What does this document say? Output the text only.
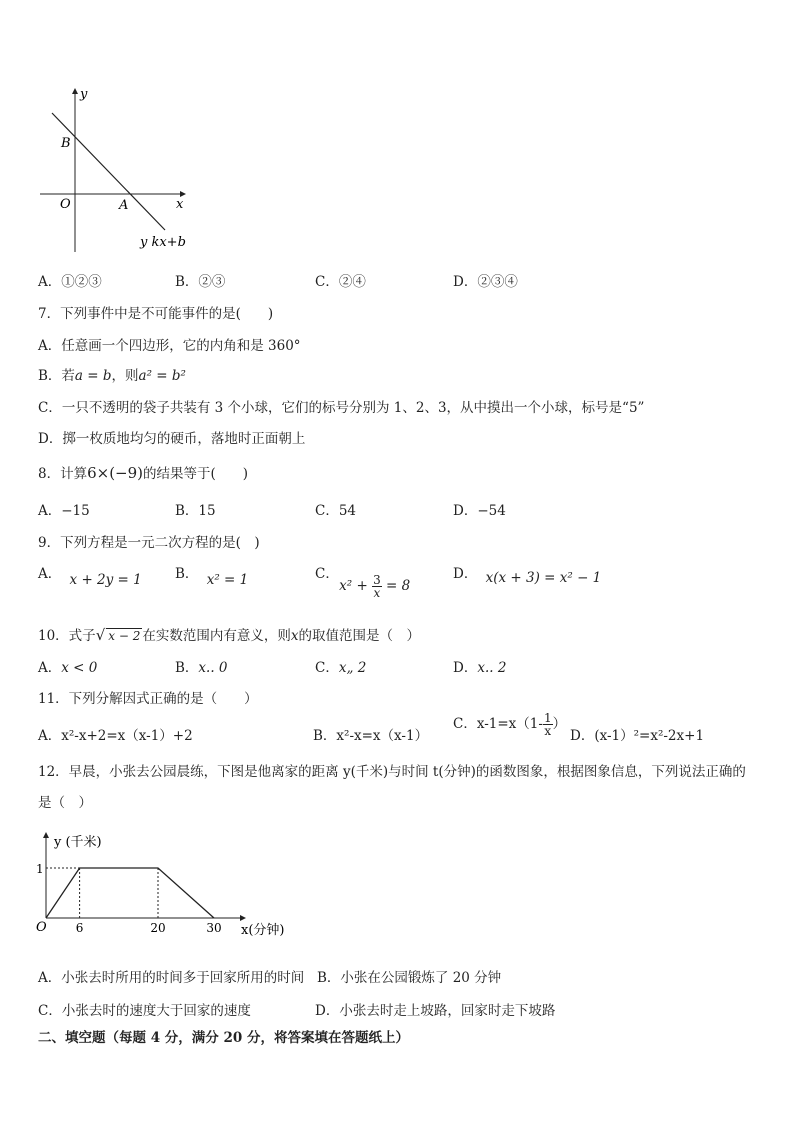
y
x
O	A
B
y kx+b
A．①②③	B．②③	C．②④	D．②③④
7．下列事件中是不可能事件的是(　　)
A．任意画一个四边形，它的内角和是 360°
B．若a = b，则a² = b²
C．一只不透明的袋子共装有 3 个小球，它们的标号分别为 1、2、3，从中摸出一个小球，标号是“5”
D．掷一枚质地均匀的硬币，落地时正面朝上
8．计算6×(−9)的结果等于(　　)
A．−15	B．15	C．54	D．−54
9．下列方程是一元二次方程的是(　)
A． x + 2y = 1 B． x² = 1	C． $x^2 + \frac{3}{x} = 8$
D． x(x + 3) = x² − 1
10．式子√ x − 2 在实数范围内有意义，则x的取值范围是（　）
A．x < 0	B．x.. 0	C．x„ 2	D．x.. 2
11．下列分解因式正确的是（　　）
A．x²-x+2=x（x-1）+2	B．x²-x=x（x-1）
C．$x-1=x(1- \frac{1}{x}$ ）
D．(x-1）²=x²-2x+1
12．早晨，小张去公园晨练，下图是他离家的距离 y(千米)与时间 t(分钟)的函数图象，根据图象信息，下列说法正确的
是（　）
y (千米)
x(分钟)
O
1
6	20	30
A．小张去时所用的时间多于回家所用的时间 B．小张在公园锻炼了 20 分钟
C．小张去时的速度大于回家的速度	D．小张去时走上坡路，回家时走下坡路
二、填空题（每题 4 分，满分 20 分，将答案填在答题纸上）
